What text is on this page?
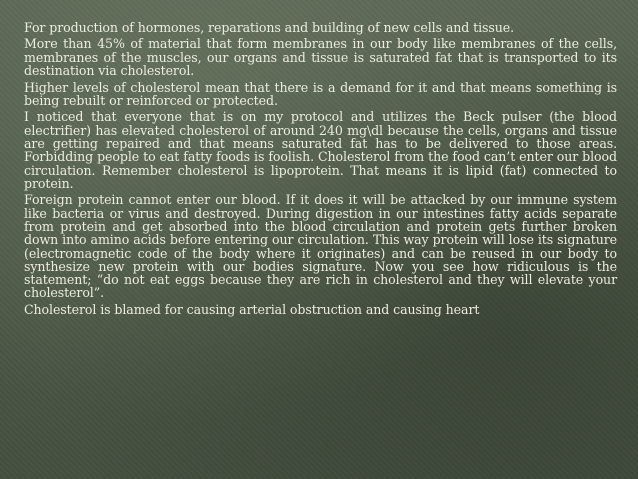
For production of hormones, reparations and building of new cells and tissue.
More than 45% of material that form membranes in our body like membranes of the cells, membranes of the muscles, our organs and tissue is saturated fat that is transported to its destination via cholesterol.
Higher levels of cholesterol mean that there is a demand for it and that means something is being rebuilt or reinforced or protected.
I noticed that everyone that is on my protocol and utilizes the Beck pulser (the blood electrifier) has elevated cholesterol of around 240 mg\dl because the cells, organs and tissue are getting repaired and that means saturated fat has to be delivered to those areas. Forbidding people to eat fatty foods is foolish. Cholesterol from the food can’t enter our blood circulation. Remember cholesterol is lipoprotein. That means it is lipid (fat) connected to protein.
Foreign protein cannot enter our blood. If it does it will be attacked by our immune system like bacteria or virus and destroyed. During digestion in our intestines fatty acids separate from protein and get absorbed into the blood circulation and protein gets further broken down into amino acids before entering our circulation. This way protein will lose its signature (electromagnetic code of the body where it originates) and can be reused in our body to synthesize new protein with our bodies signature. Now you see how ridiculous is the statement; “do not eat eggs because they are rich in cholesterol and they will elevate your cholesterol”.
Cholesterol is blamed for causing arterial obstruction and causing heart
